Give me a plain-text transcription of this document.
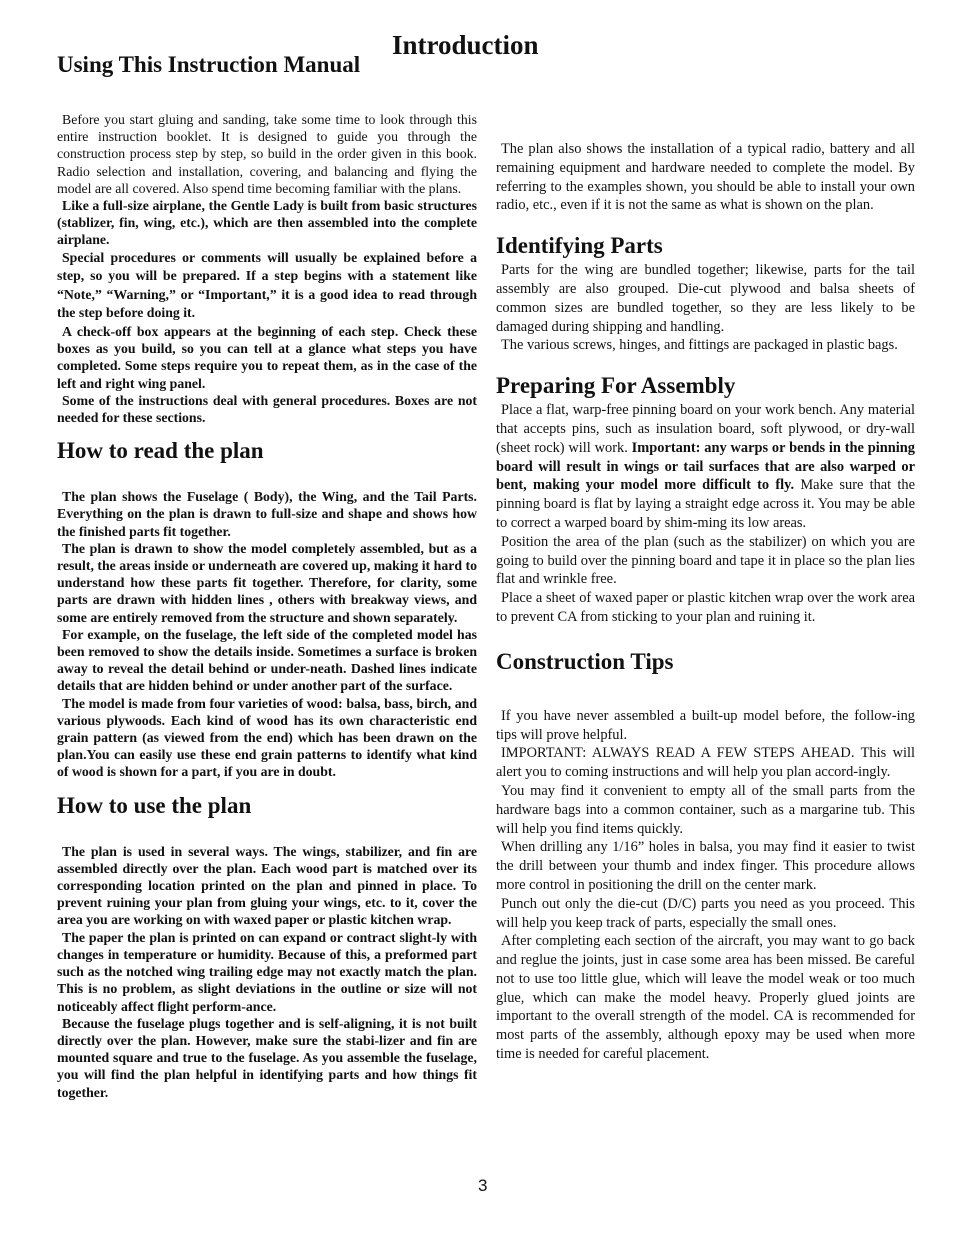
Introduction
Using This Instruction Manual

Before you start gluing and sanding, take some time to look through this entire instruction booklet. It is designed to guide you through the construction process step by step, so build in the order given in this book. Radio selection and installation, covering, and balancing and flying the model are all covered. Also spend time becoming familiar with the plans.

Like a full-size airplane, the Gentle Lady is built from basic structures (stablizer, fin, wing, etc.), which are then assembled into the complete airplane.

Special procedures or comments will usually be explained before a step, so you will be prepared. If a step begins with a statement like “Note,” “Warning,” or “Important,” it is a good idea to read through the step before doing it.

A check-off box appears at the beginning of each step. Check these boxes as you build, so you can tell at a glance what steps you have completed. Some steps require you to repeat them, as in the case of the left and right wing panel.

Some of the instructions deal with general procedures. Boxes are not needed for these sections.

How to read the plan

The plan shows the Fuselage ( Body), the Wing, and the Tail Parts. Everything on the plan is drawn to full-size and shape and shows how the finished parts fit together.

The plan is drawn to show the model completely assembled, but as a result, the areas inside or underneath are covered up, making it hard to understand how these parts fit together. Therefore, for clarity, some parts are drawn with hidden lines , others with breakway views, and some are entirely removed from the structure and shown separately.

For example, on the fuselage, the left side of the completed model has been removed to show the details inside. Sometimes a surface is broken away to reveal the detail behind or under-neath. Dashed lines indicate details that are hidden behind or under another part of the surface.

The model is made from four varieties of wood: balsa, bass, birch, and various plywoods. Each kind of wood has its own characteristic end grain pattern (as viewed from the end) which has been drawn on the plan.You can easily use these end grain patterns to identify what kind of wood is shown for a part, if you are in doubt.

How to use the plan

The plan is used in several ways. The wings, stabilizer, and fin are assembled directly over the plan. Each wood part is matched over its corresponding location printed on the plan and pinned in place. To prevent ruining your plan from gluing your wings, etc. to it, cover the area you are working on with waxed paper or plastic kitchen wrap.

The paper the plan is printed on can expand or contract slight-ly with changes in temperature or humidity. Because of this, a preformed part such as the notched wing trailing edge may not exactly match the plan. This is no problem, as slight deviations in the outline or size will not noticeably affect flight perform-ance.

Because the fuselage plugs together and is self-aligning, it is not built directly over the plan. However, make sure the stabi-lizer and fin are mounted square and true to the fuselage. As you assemble the fuselage, you will find the plan helpful in identifying parts and how things fit together.

The plan also shows the installation of a typical radio, battery and all remaining equipment and hardware needed to complete the model. By referring to the examples shown, you should be able to install your own radio, etc., even if it is not the same as what is shown on the plan.

Identifying Parts

Parts for the wing are bundled together; likewise, parts for the tail assembly are also grouped. Die-cut plywood and balsa sheets of common sizes are bundled together, so they are less likely to be damaged during shipping and handling.

The various screws, hinges, and fittings are packaged in plastic bags.

Preparing For Assembly

Place a flat, warp-free pinning board on your work bench. Any material that accepts pins, such as insulation board, soft plywood, or dry-wall (sheet rock) will work. Important: any warps or bends in the pinning board will result in wings or tail surfaces that are also warped or bent, making your model more difficult to fly. Make sure that the pinning board is flat by laying a straight edge across it. You may be able to correct a warped board by shim-ming its low areas.

Position the area of the plan (such as the stabilizer) on which you are going to build over the pinning board and tape it in place so the plan lies flat and wrinkle free.

Place a sheet of waxed paper or plastic kitchen wrap over the work area to prevent CA from sticking to your plan and ruining it.

Construction Tips

If you have never assembled a built-up model before, the follow-ing tips will prove helpful.

IMPORTANT: ALWAYS READ A FEW STEPS AHEAD. This will alert you to coming instructions and will help you plan accord-ingly.

You may find it convenient to empty all of the small parts from the hardware bags into a common container, such as a margarine tub. This will help you find items quickly.

When drilling any 1/16” holes in balsa, you may find it easier to twist the drill between your thumb and index finger. This procedure allows more control in positioning the drill on the center mark.

Punch out only the die-cut (D/C) parts you need as you proceed. This will help you keep track of parts, especially the small ones.

After completing each section of the aircraft, you may want to go back and reglue the joints, just in case some area has been missed. Be careful not to use too little glue, which will leave the model weak or too much glue, which can make the model heavy. Properly glued joints are important to the overall strength of the model. CA is recommended for most parts of the assembly, although epoxy may be used when more time is needed for careful placement.

3
